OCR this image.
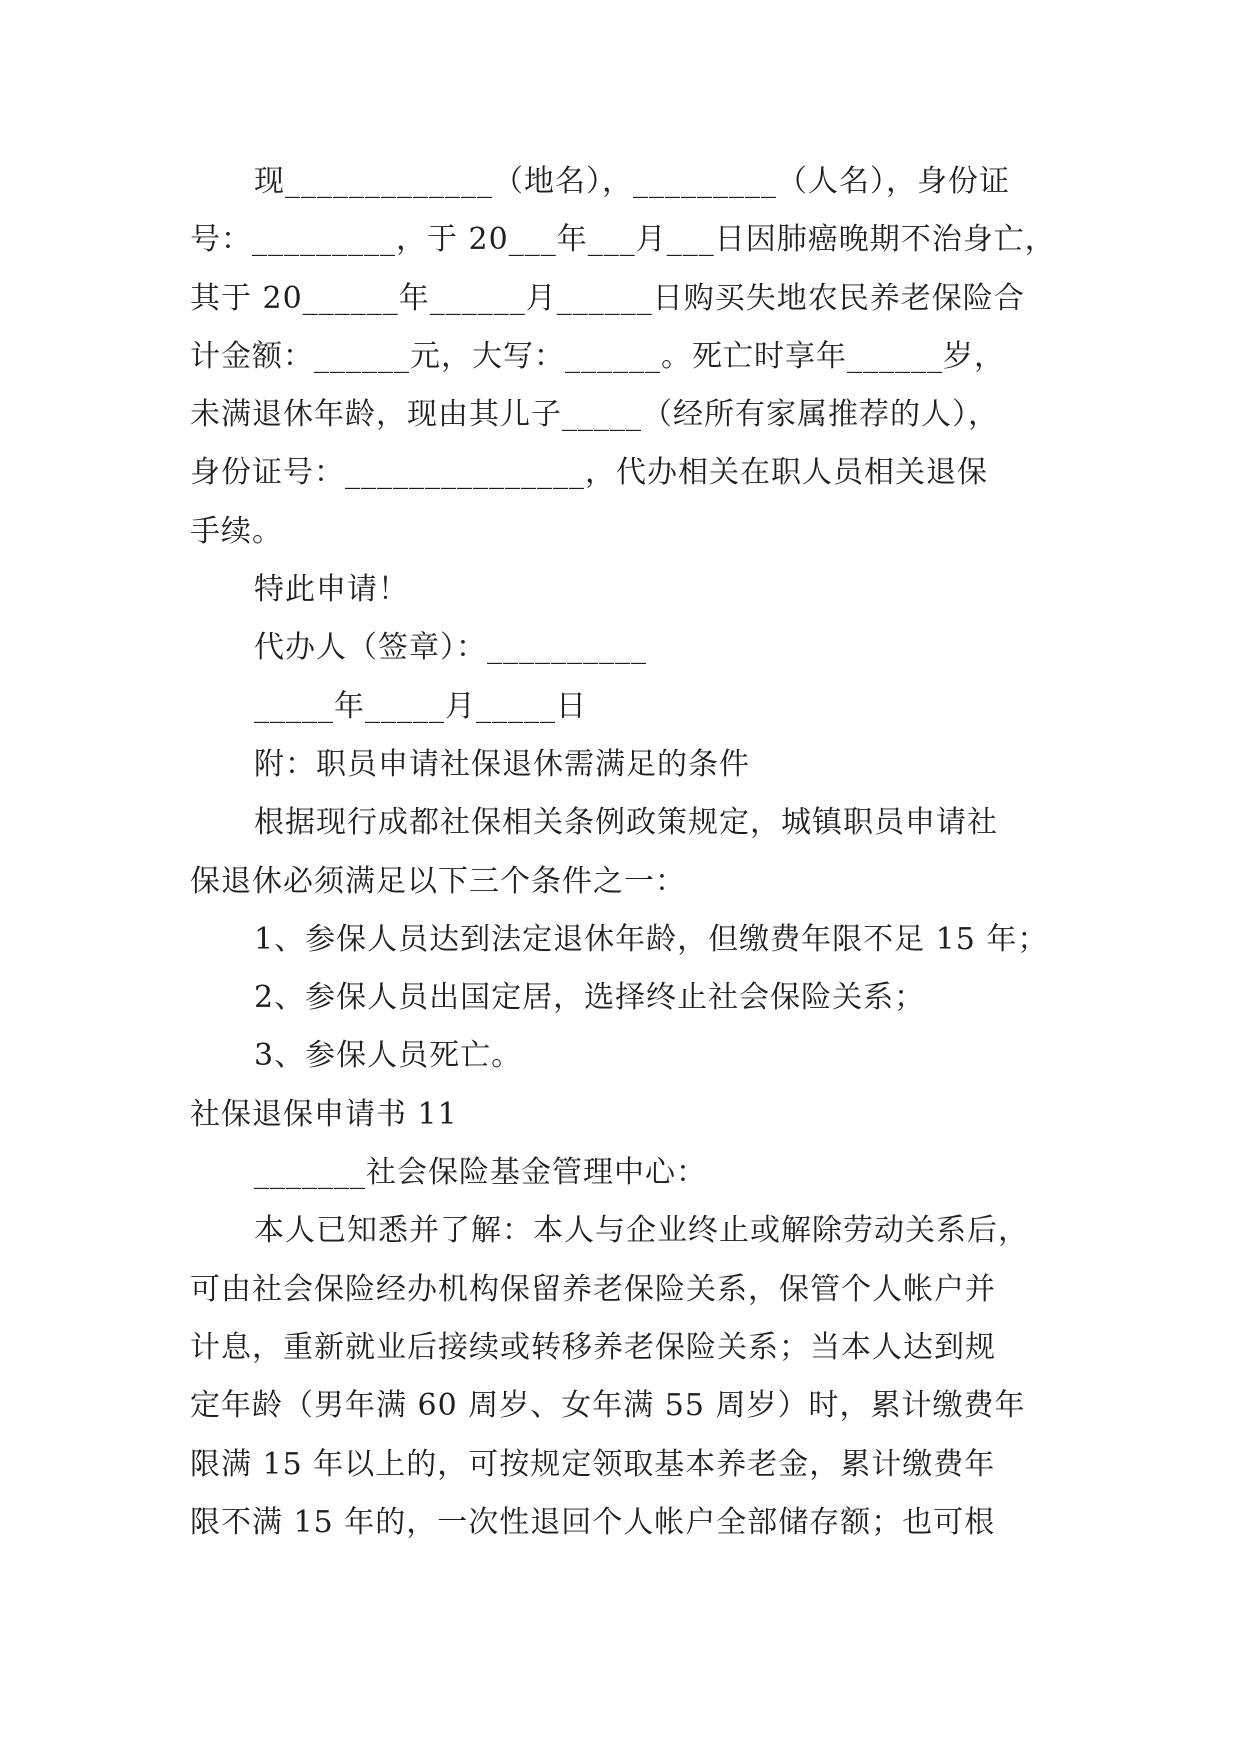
现_____________（地名），_________（人名），身份证
号：_________，于 20___年___月___日因肺癌晚期不治身亡，
其于 20______年______月______日购买失地农民养老保险合
计金额：______元，大写：______。死亡时享年______岁，
未满退休年龄，现由其儿子_____（经所有家属推荐的人），
身份证号：_______________，代办相关在职人员相关退保
手续。
特此申请！
代办人（签章）：__________
_____年_____月_____日
附：职员申请社保退休需满足的条件
根据现行成都社保相关条例政策规定，城镇职员申请社
保退休必须满足以下三个条件之一：
1、参保人员达到法定退休年龄，但缴费年限不足 15 年；
2、参保人员出国定居，选择终止社会保险关系；
3、参保人员死亡。
社保退保申请书 11
_______社会保险基金管理中心：
本人已知悉并了解：本人与企业终止或解除劳动关系后，
可由社会保险经办机构保留养老保险关系，保管个人帐户并
计息，重新就业后接续或转移养老保险关系；当本人达到规
定年龄（男年满 60 周岁、女年满 55 周岁）时，累计缴费年
限满 15 年以上的，可按规定领取基本养老金，累计缴费年
限不满 15 年的，一次性退回个人帐户全部储存额；也可根
